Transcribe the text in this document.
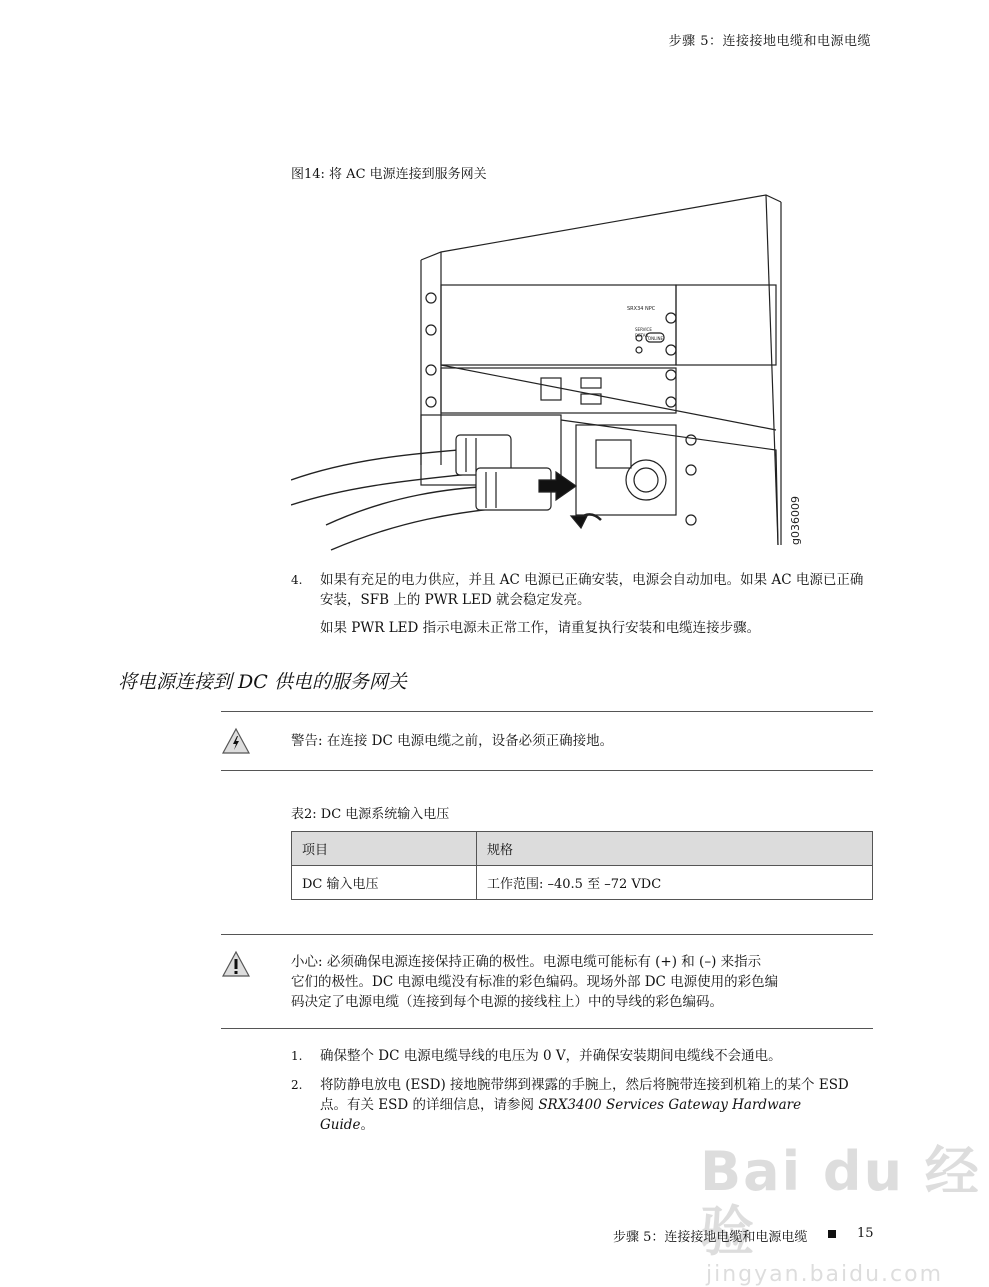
步骤 5：连接接地电缆和电源电缆
图14: 将 AC 电源连接到服务网关
SRX34 NPC
SERVICE
DETAIL
ONLINE
g036009
4.	如果有充足的电力供应，并且 AC 电源已正确安装，电源会自动加电。如果 AC 电源已正确安装，SFB 上的 PWR LED 就会稳定发亮。
如果 PWR LED 指示电源未正常工作，请重复执行安装和电缆连接步骤。
将电源连接到 DC 供电的服务网关
警告: 在连接 DC 电源电缆之前，设备必须正确接地。
表2: DC 电源系统输入电压
项目	规格
DC 输入电压	工作范围: –40.5 至 –72 VDC
小心: 必须确保电源连接保持正确的极性。电源电缆可能标有 (+) 和 (–) 来指示
它们的极性。DC 电源电缆没有标准的彩色编码。现场外部 DC 电源使用的彩色编
码决定了电源电缆（连接到每个电源的接线柱上）中的导线的彩色编码。
1.	确保整个 DC 电源电缆导线的电压为 0 V，并确保安装期间电缆线不会通电。
2.	将防静电放电 (ESD) 接地腕带绑到裸露的手腕上，然后将腕带连接到机箱上的某个 ESD 点。有关 ESD 的详细信息，请参阅 SRX3400 Services Gateway Hardware Guide。
Bai du 经验
jingyan.baidu.com
步骤 5：连接接地电缆和电源电缆	15
